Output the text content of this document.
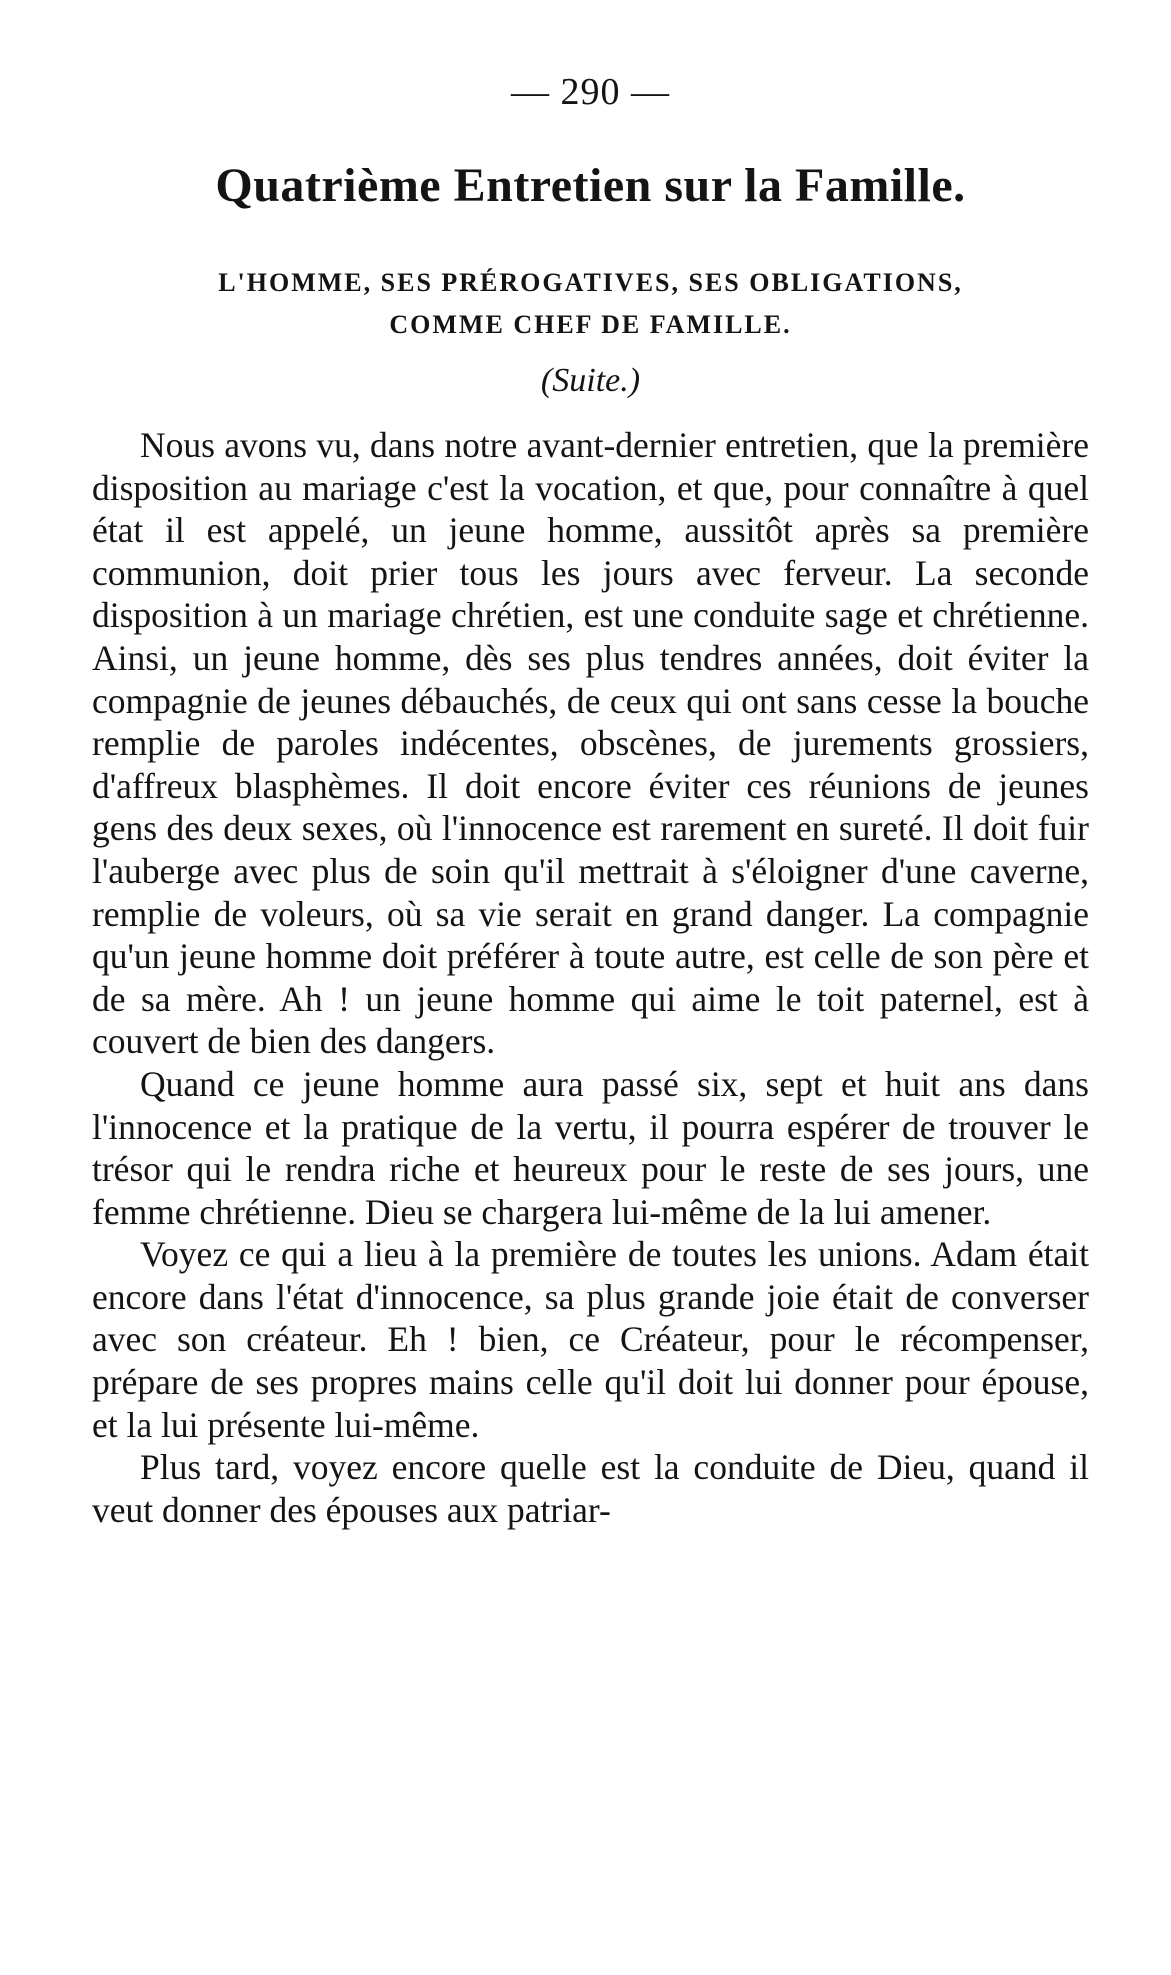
— 290 —
Quatrième Entretien sur la Famille.
L'HOMME, SES PRÉROGATIVES, SES OBLIGATIONS,
COMME CHEF DE FAMILLE.
(Suite.)

Nous avons vu, dans notre avant-dernier entretien, que la première disposition au mariage c'est la vocation, et que, pour connaître à quel état il est appelé, un jeune homme, aussitôt après sa première communion, doit prier tous les jours avec ferveur. La seconde disposition à un mariage chrétien, est une conduite sage et chrétienne. Ainsi, un jeune homme, dès ses plus tendres années, doit éviter la compagnie de jeunes débauchés, de ceux qui ont sans cesse la bouche remplie de paroles indécentes, obscènes, de jurements grossiers, d'affreux blasphèmes. Il doit encore éviter ces réunions de jeunes gens des deux sexes, où l'innocence est rarement en sureté. Il doit fuir l'auberge avec plus de soin qu'il mettrait à s'éloigner d'une caverne, remplie de voleurs, où sa vie serait en grand danger. La compagnie qu'un jeune homme doit préférer à toute autre, est celle de son père et de sa mère. Ah ! un jeune homme qui aime le toit paternel, est à couvert de bien des dangers.

Quand ce jeune homme aura passé six, sept et huit ans dans l'innocence et la pratique de la vertu, il pourra espérer de trouver le trésor qui le rendra riche et heureux pour le reste de ses jours, une femme chrétienne. Dieu se chargera lui-même de la lui amener.

Voyez ce qui a lieu à la première de toutes les unions. Adam était encore dans l'état d'innocence, sa plus grande joie était de converser avec son créateur. Eh ! bien, ce Créateur, pour le récompenser, prépare de ses propres mains celle qu'il doit lui donner pour épouse, et la lui présente lui-même.

Plus tard, voyez encore quelle est la conduite de Dieu, quand il veut donner des épouses aux patriar-
